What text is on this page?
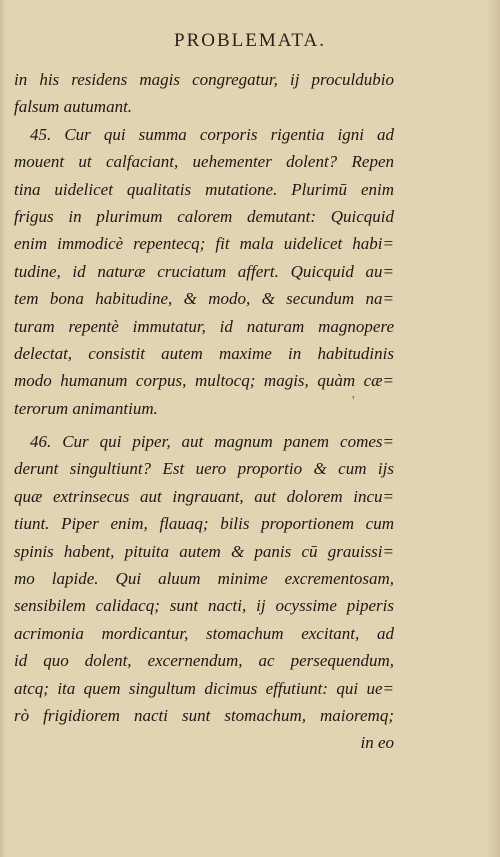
PROBLEMATA.
in his residens magis congregatur, ij proculdubio
falsum autumant.
45. Cur qui summa corporis rigentia igni ad
mouent ut calfaciant, uehementer dolent? Repen
tina uidelicet qualitatis mutatione. Plurimū enim
frigus in plurimum calorem demutant: Quicquid
enim immodicè repentecq; fit mala uidelicet habi=
tudine, id naturæ cruciatum affert. Quicquid au=
tem bona habitudine, & modo, & secundum na=
turam repentè immutatur, id naturam magnopere
delectat, consistit autem maxime in habitudinis
modo humanum corpus, multocq; magis, quàm cæ=
terorum animantium.
46. Cur qui piper, aut magnum panem comes=
derunt singultiunt? Est uero proportio & cum ijs
quæ extrinsecus aut ingrauant, aut dolorem incu=
tiunt. Piper enim, flauaq; bilis proportionem cum
spinis habent, pituita autem & panis cū grauissi=
mo lapide. Qui aluum minime excrementosam,
sensibilem calidacq; sunt nacti, ij ocyssime piperis
acrimonia mordicantur, stomachum excitant, ad
id quo dolent, excernendum, ac persequendum,
atcq; ita quem singultum dicimus effutiunt: qui ue=
rò frigidiorem nacti sunt stomachum, maioremq;
in eo
'
